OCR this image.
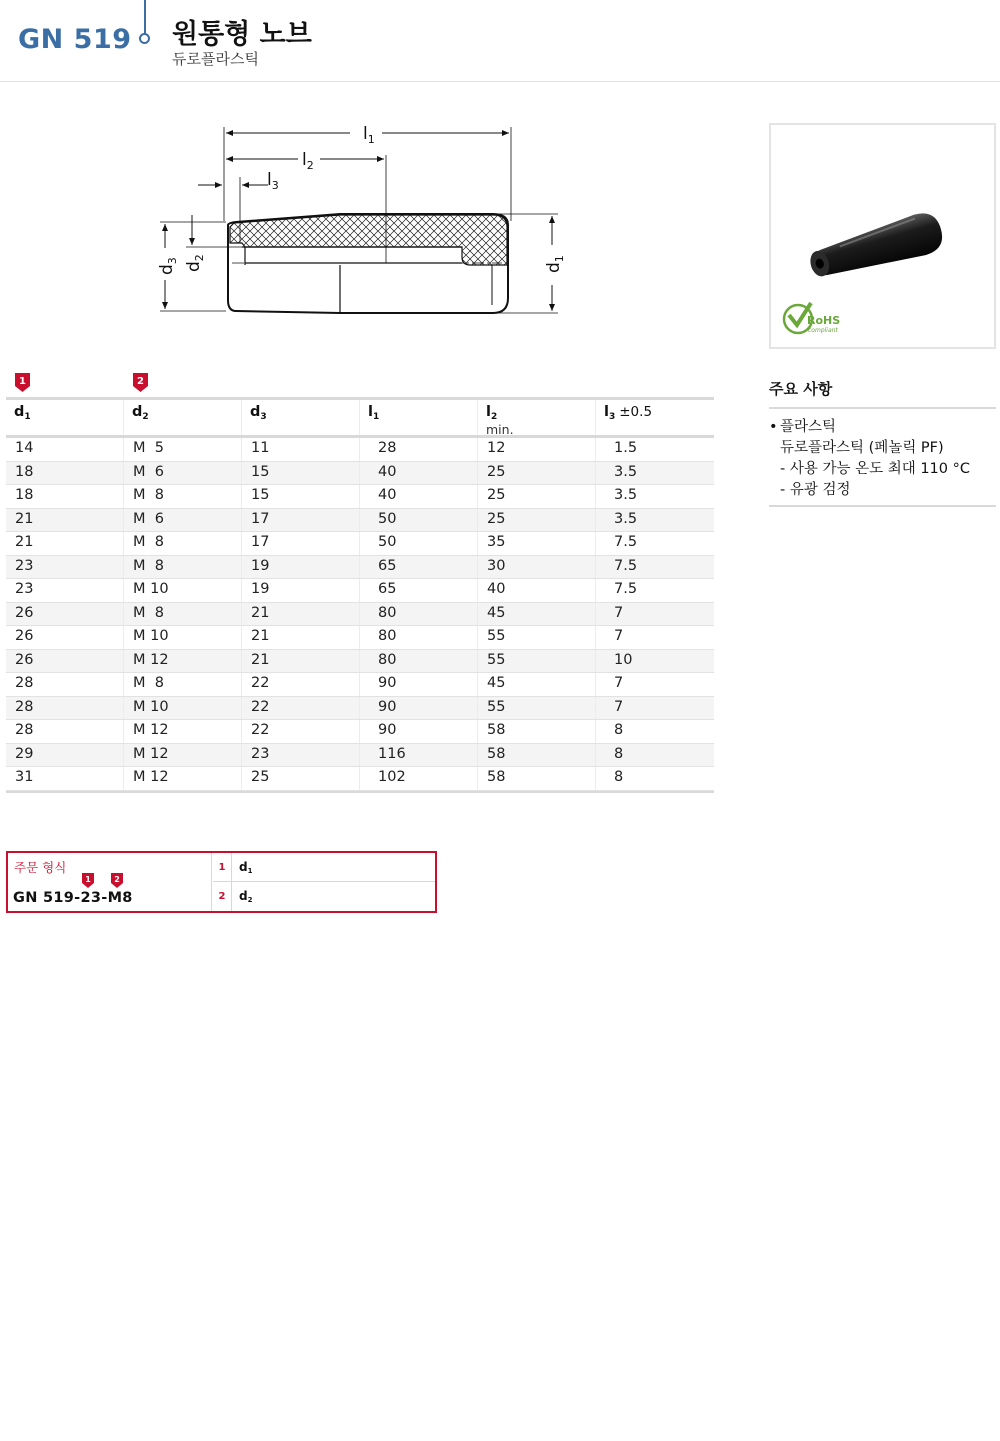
GN 519 원통형 노브
듀로플라스틱
$l_1$
$l_2$
$l_3$
$d_3$
$d_2$
$d_1$
RoHS
compliant
주요 사항
• 플라스틱
듀로플라스틱 (페놀릭 PF)
- 사용 가능 온도 최대 110 °C
- 유광 검정
1	2
$d_1$	$d_2$	$d_3$	$l_1$	$l_2$
min.
$l_3 \pm 0.5$
14	M  5	11	28	12	1.5
18	M  6	15	40	25	3.5
18	M  8	15	40	25	3.5
21	M  6	17	50	25	3.5
21	M  8	17	50	35	7.5
23	M  8	19	65	30	7.5
23	M 10	19	65	40	7.5
26	M  8	21	80	45	7
26	M 10	21	80	55	7
26	M 12	21	80	55	10
28	M  8	22	90	45	7
28	M 10	22	90	55	7
28	M 12	22	90	58	8
29	M 12	23	116	58	8
31	M 12	25	102	58	8
주문 형식
1	2
GN 519-23-M8
1	$d_1$
2	$d_2$
